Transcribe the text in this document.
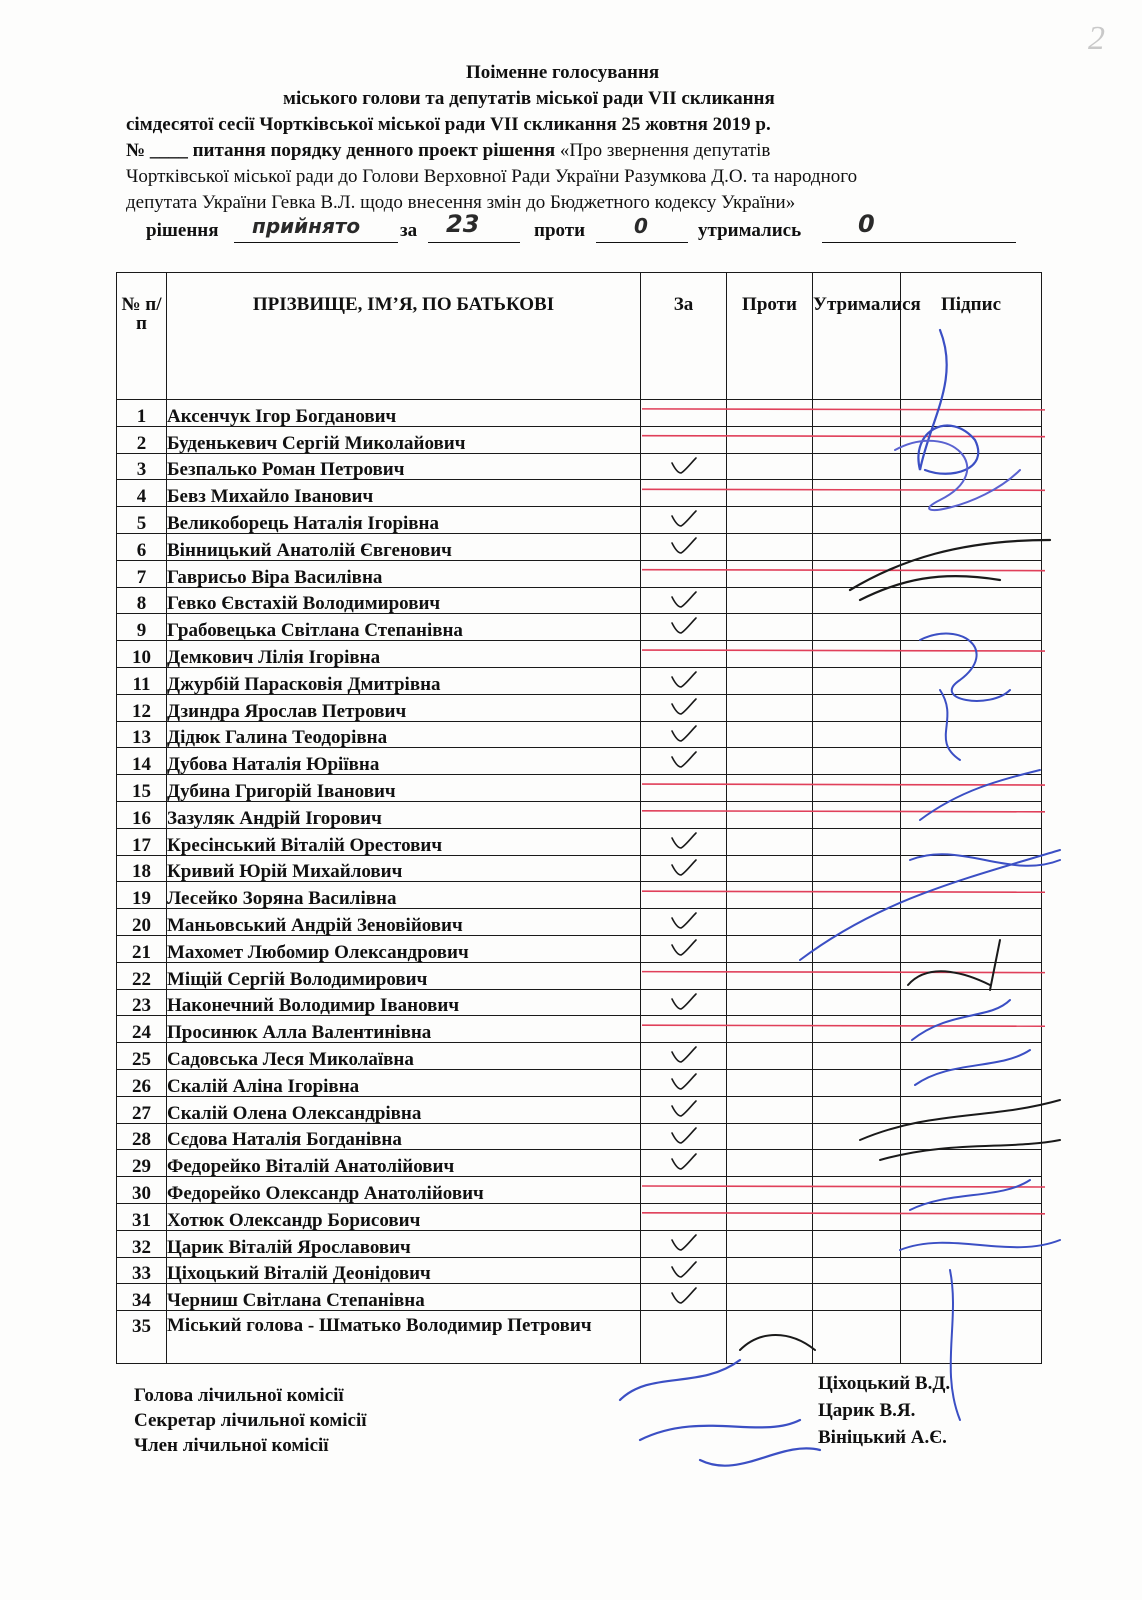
2
Поіменне голосування
міського голови та депутатів міської ради VII скликання
сімдесятої сесії Чортківської міської ради VII скликання 25 жовтня 2019 р.
№ ____ питання порядку денного проект рішення «Про звернення депутатів
Чортківської міської ради до Голови Верховної Ради України Разумкова Д.О. та народного
депутата України Гевка В.Л. щодо внесення змін до Бюджетного кодексу України»
рішення прийнято за 23	проти 0	утримались 0
№ п/п	ПРІЗВИЩЕ, ІМ’Я, ПО БАТЬКОВІ	За	Проти	Утрималися	Підпис
1	Аксенчук Ігор Богданович				
2	Буденькевич Сергій Миколайович				
3	Безпалько Роман Петрович	

4	Бевз Михайло Іванович				
5	Великоборець Наталія Ігорівна	

6	Вінницький Анатолій Євгенович	

7	Гаврисьо Віра Василівна				
8	Гевко Євстахій Володимирович	

9	Грабовецька Світлана Степанівна	

10	Демкович Лілія Ігорівна				
11	Джурбій Парасковія Дмитрівна	

12	Дзиндра Ярослав Петрович	

13	Дідюк Галина Теодорівна	

14	Дубова Наталія Юріївна	

15	Дубина Григорій Іванович				
16	Зазуляк Андрій Ігорович				
17	Кресінський Віталій Орестович	

18	Кривий Юрій Михайлович	

19	Лесейко Зоряна Василівна				
20	Маньовський Андрій Зеновійович	

21	Махомет Любомир Олександрович	

22	Міщій Сергій Володимирович				
23	Наконечний Володимир Іванович	

24	Просинюк Алла Валентинівна				
25	Садовська Леся Миколаївна	

26	Скалій Аліна Ігорівна	

27	Скалій Олена Олександрівна	

28	Сєдова Наталія Богданівна	

29	Федорейко Віталій Анатолійович	

30	Федорейко Олександр Анатолійович				
31	Хотюк Олександр Борисович				
32	Царик Віталій Ярославович	

33	Ціхоцький Віталій Деонідович	

34	Черниш Світлана Степанівна	

35	Міський голова - Шматько Володимир Петрович				
Голова лічильної комісії
Секретар лічильної комісії
Член лічильної комісії
Ціхоцький В.Д.
Царик В.Я.
Вініцький А.Є.
